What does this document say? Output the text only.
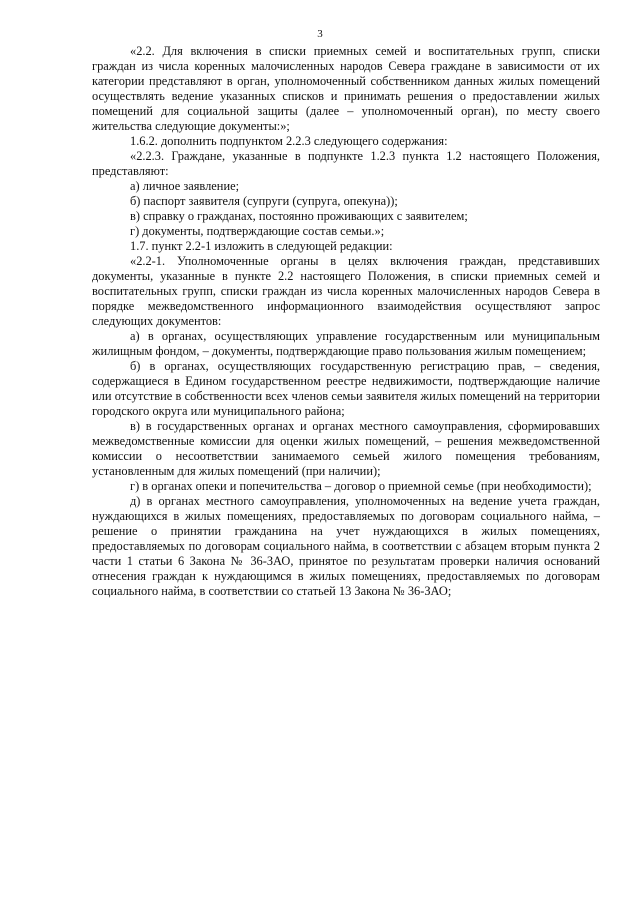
3

«2.2. Для включения в списки приемных семей и воспитательных групп, списки граждан из числа коренных малочисленных народов Севера граждане в зависимости от их категории представляют в орган, уполномоченный собственником данных жилых помещений осуществлять ведение указанных списков и принимать решения о предоставлении жилых помещений для социальной защиты (далее – уполномоченный орган), по месту своего жительства следующие документы:»;

1.6.2. дополнить подпунктом 2.2.3 следующего содержания:

«2.2.3. Граждане, указанные в подпункте 1.2.3 пункта 1.2 настоящего Положения, представляют:

а) личное заявление;

б) паспорт заявителя (супруги (супруга, опекуна));

в) справку о гражданах, постоянно проживающих с заявителем;

г) документы, подтверждающие состав семьи.»;

1.7. пункт 2.2-1 изложить в следующей редакции:

«2.2-1. Уполномоченные органы в целях включения граждан, представивших документы, указанные в пункте 2.2 настоящего Положения, в списки приемных семей и воспитательных групп, списки граждан из числа коренных малочисленных народов Севера в порядке межведомственного информационного взаимодействия осуществляют запрос следующих документов:

а) в органах, осуществляющих управление государственным или муниципальным жилищным фондом, – документы, подтверждающие право пользования жилым помещением;

б) в органах, осуществляющих государственную регистрацию прав, – сведения, содержащиеся в Едином государственном реестре недвижимости, подтверждающие наличие или отсутствие в собственности всех членов семьи заявителя жилых помещений на территории городского округа или муниципального района;

в) в государственных органах и органах местного самоуправления, сформировавших межведомственные комиссии для оценки жилых помещений, – решения межведомственной комиссии о несоответствии занимаемого семьей жилого помещения требованиям, установленным для жилых помещений (при наличии);

г) в органах опеки и попечительства – договор о приемной семье (при необходимости);

д) в органах местного самоуправления, уполномоченных на ведение учета граждан, нуждающихся в жилых помещениях, предоставляемых по договорам социального найма, – решение о принятии гражданина на учет нуждающихся в жилых помещениях, предоставляемых по договорам социального найма, в соответствии с абзацем вторым пункта 2 части 1 статьи 6 Закона № 36-ЗАО, принятое по результатам проверки наличия оснований отнесения граждан к нуждающимся в жилых помещениях, предоставляемых по договорам социального найма, в соответствии со статьей 13 Закона № 36-ЗАО;
